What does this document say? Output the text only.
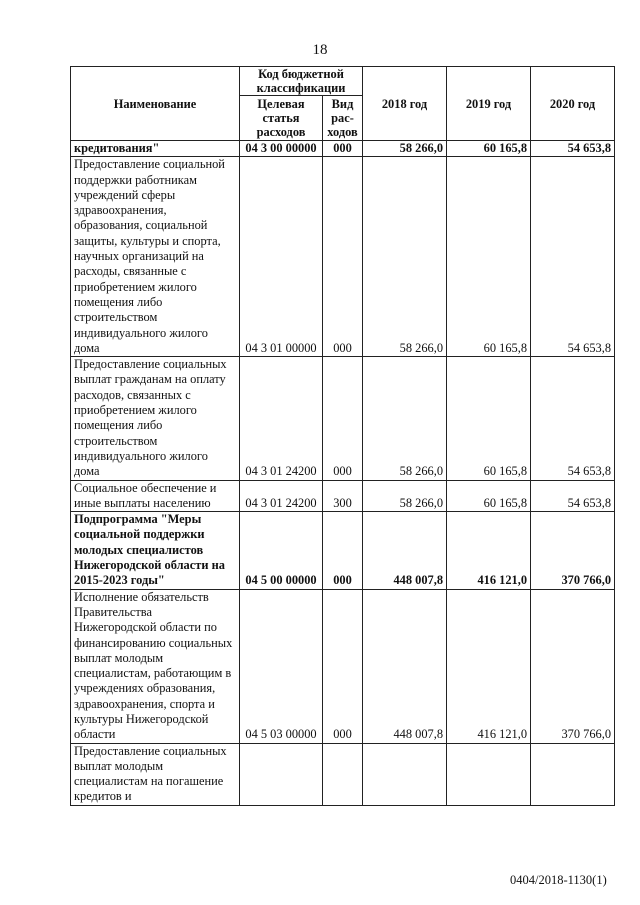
18
Наименование	Код бюджетной классификации		2018 год	2019 год	2020 год
	Целевая статья расходов	Вид рас-ходов			
кредитования"	04 3 00 00000	000	58 266,0	60 165,8	54 653,8
Предоставление социальной поддержки работникам учреждений сферы здравоохранения, образования, социальной защиты, культуры и спорта, научных организаций на расходы, связанные с приобретением жилого помещения либо строительством индивидуального жилого дома	04 3 01 00000	000	58 266,0	60 165,8	54 653,8
Предоставление социальных выплат гражданам на оплату расходов, связанных с приобретением жилого помещения либо строительством индивидуального жилого дома	04 3 01 24200	000	58 266,0	60 165,8	54 653,8
Социальное обеспечение и иные выплаты населению	04 3 01 24200	300	58 266,0	60 165,8	54 653,8
Подпрограмма "Меры социальной поддержки молодых специалистов Нижегородской области на 2015-2023 годы"	04 5 00 00000	000	448 007,8	416 121,0	370 766,0
Исполнение обязательств Правительства Нижегородской области по финансированию социальных выплат молодым специалистам, работающим в учреждениях образования, здравоохранения, спорта и культуры Нижегородской области	04 5 03 00000	000	448 007,8	416 121,0	370 766,0
Предоставление социальных выплат молодым специалистам на погашение кредитов и					
0404/2018-1130(1)
